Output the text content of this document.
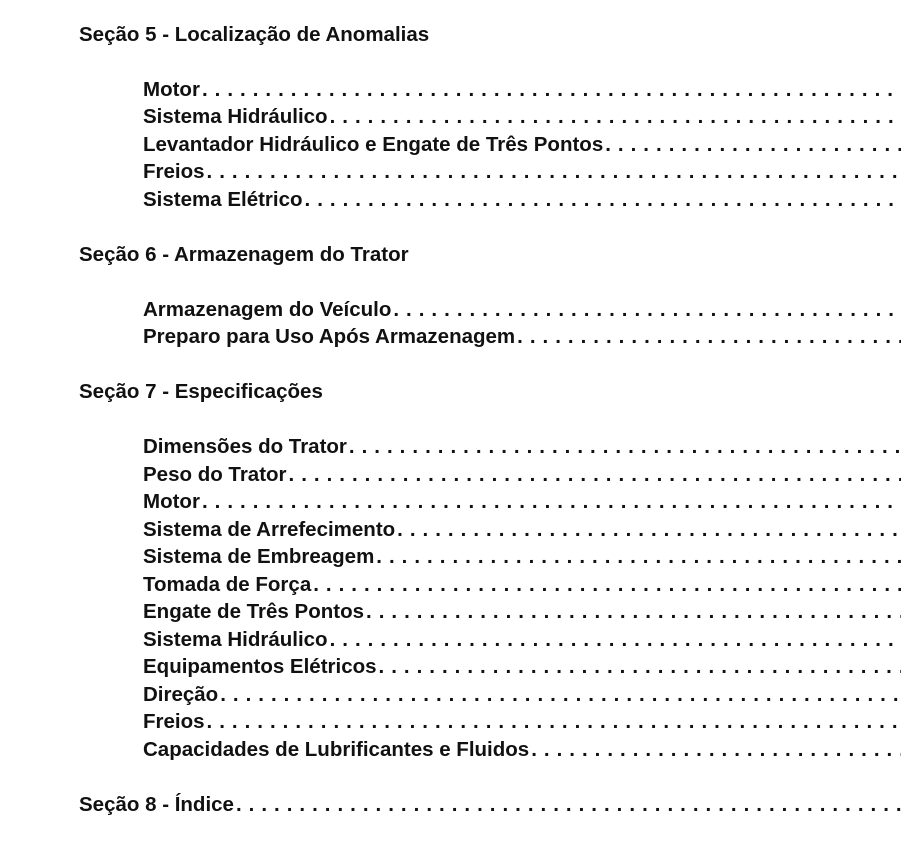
Seção 5 - Localização de Anomalias
Motor
. . .
Sistema Hidráulico
. . .
Levantador Hidráulico e Engate de Três Pontos
. . .
Freios
. . .
Sistema Elétrico
. . .
Seção 6 - Armazenagem do Trator
Armazenagem do Veículo
. . .
Preparo para Uso Após Armazenagem
. . .
Seção 7 - Especificações
Dimensões do Trator
. . .
Peso do Trator
. . .
Motor
. . .
Sistema de Arrefecimento
. . .
Sistema de Embreagem
. . .
Tomada de Força
. . .
Engate de Três Pontos
. . .
Sistema Hidráulico
. . .
Equipamentos Elétricos
. . .
Direção
. . .
Freios
. . .
Capacidades de Lubrificantes e Fluidos
. . .
Seção 8 - Índice
. . .
